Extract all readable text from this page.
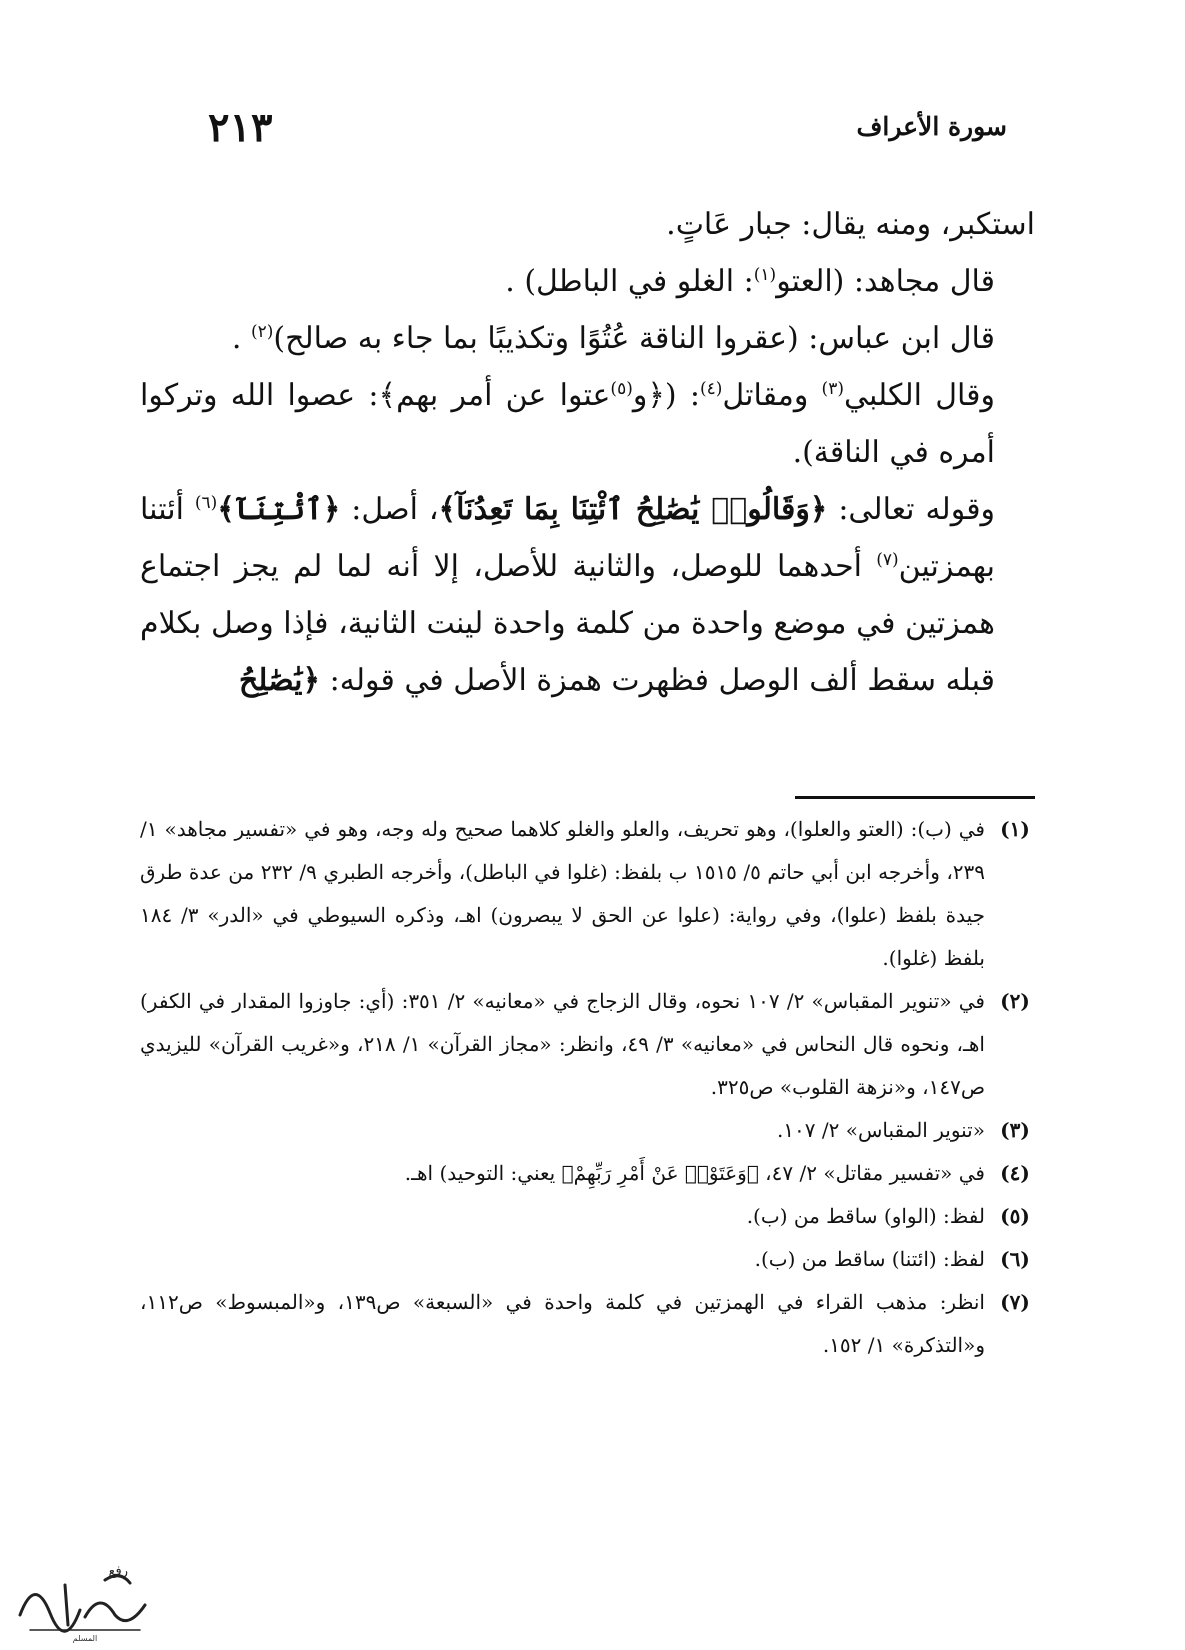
سورة الأعراف
٢١٣

استكبر، ومنه يقال: جبار عَاتٍ.

قال مجاهد: (العتو$^{(١)}$: الغلو في الباطل) .

قال ابن عباس: (عقروا الناقة عُتُوًا وتكذيبًا بما جاء به صالح)$^{(٢)}$ .

وقال الكلبي$^{(٣)}$ ومقاتل$^{(٤)}$: (﴿و$^{(٥)}$عتوا عن أمر بهم﴾: عصوا الله وتركوا أمره في الناقة).

وقوله تعالى: ﴿وَقَالُوا۟ يَٰصَٰلِحُ ٱئْتِنَا بِمَا تَعِدُنَآ﴾، أصل: ﴿ٱئْتِنَآ﴾$^{(٦)}$ أئتنا بهمزتين$^{(٧)}$ أحدهما للوصل، والثانية للأصل، إلا أنه لما لم يجز اجتماع همزتين في موضع واحدة من كلمة واحدة لينت الثانية، فإذا وصل بكلام قبله سقط ألف الوصل فظهرت همزة الأصل في قوله: ﴿يَٰصَٰلِحُ

(١)
في (ب): (العتو والعلوا)، وهو تحريف، والعلو والغلو كلاهما صحيح وله وجه، وهو في «تفسير مجاهد» ١/ ٢٣٩، وأخرجه ابن أبي حاتم ٥/ ١٥١٥ ب بلفظ: (غلوا في الباطل)، وأخرجه الطبري ٩/ ٢٣٢ من عدة طرق جيدة بلفظ (علوا)، وفي رواية: (علوا عن الحق لا يبصرون) اهـ، وذكره السيوطي في «الدر» ٣/ ١٨٤ بلفظ (غلوا).
(٢)
في «تنوير المقباس» ٢/ ١٠٧ نحوه، وقال الزجاج في «معانيه» ٢/ ٣٥١: (أي: جاوزوا المقدار في الكفر) اهـ، ونحوه قال النحاس في «معانيه» ٣/ ٤٩، وانظر: «مجاز القرآن» ١/ ٢١٨، و«غريب القرآن» لليزيدي ص١٤٧، و«نزهة القلوب» ص٣٢٥.
(٣)
«تنوير المقباس» ٢/ ١٠٧.
(٤)
في «تفسير مقاتل» ٢/ ٤٧، ﴿وَعَتَوْا۟ عَنْ أَمْرِ رَبِّهِمْ﴾ يعني: التوحيد) اهـ.
(٥)
لفظ: (الواو) ساقط من (ب).
(٦)
لفظ: (ائتنا) ساقط من (ب).
(٧)
انظر: مذهب القراء في الهمزتين في كلمة واحدة في «السبعة» ص١٣٩، و«المبسوط» ص١١٢، و«التذكرة» ١/ ١٥٢.
رفع
المسلم
